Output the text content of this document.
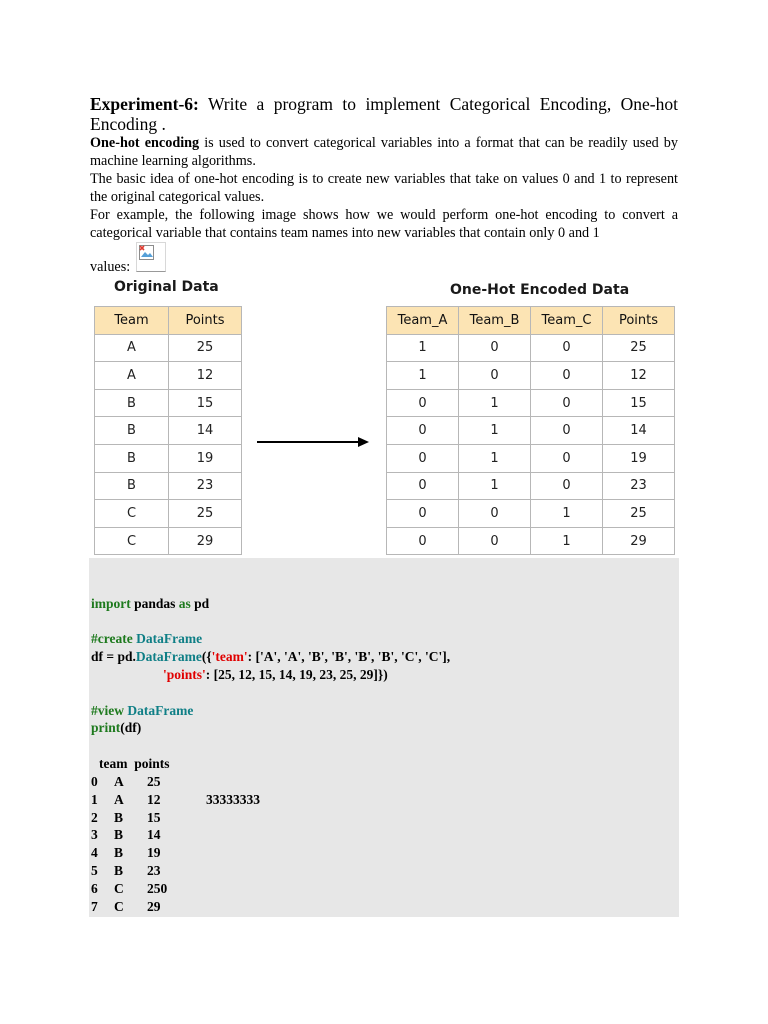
Experiment-6: Write a program to implement Categorical Encoding, One-hot Encoding .
One-hot encoding is used to convert categorical variables into a format that can be readily used by machine learning algorithms.
The basic idea of one-hot encoding is to create new variables that take on values 0 and 1 to represent the original categorical values.
For example, the following image shows how we would perform one-hot encoding to convert a categorical variable that contains team names into new variables that contain only 0 and 1
values:
Original Data	One-Hot Encoded Data
Team	Points
A	25
A	12
B	15
B	14
B	19
B	23
C	25
C	29
Team_A	Team_B	Team_C	Points
1	0	0	25
1	0	0	12
0	1	0	15
0	1	0	14
0	1	0	19
0	1	0	23
0	0	1	25
0	0	1	29
import pandas as pd
#create DataFrame
df = pd.DataFrame({'team': ['A', 'A', 'B', 'B', 'B', 'B', 'C', 'C'],
'points': [25, 12, 15, 14, 19, 23, 25, 29]})
#view DataFrame
print(df)
team  points
0 A 25
1 A 12	33333333
2 B 15
3 B 14
4 B 19
5 B 23
6 C 250
7 C 29
